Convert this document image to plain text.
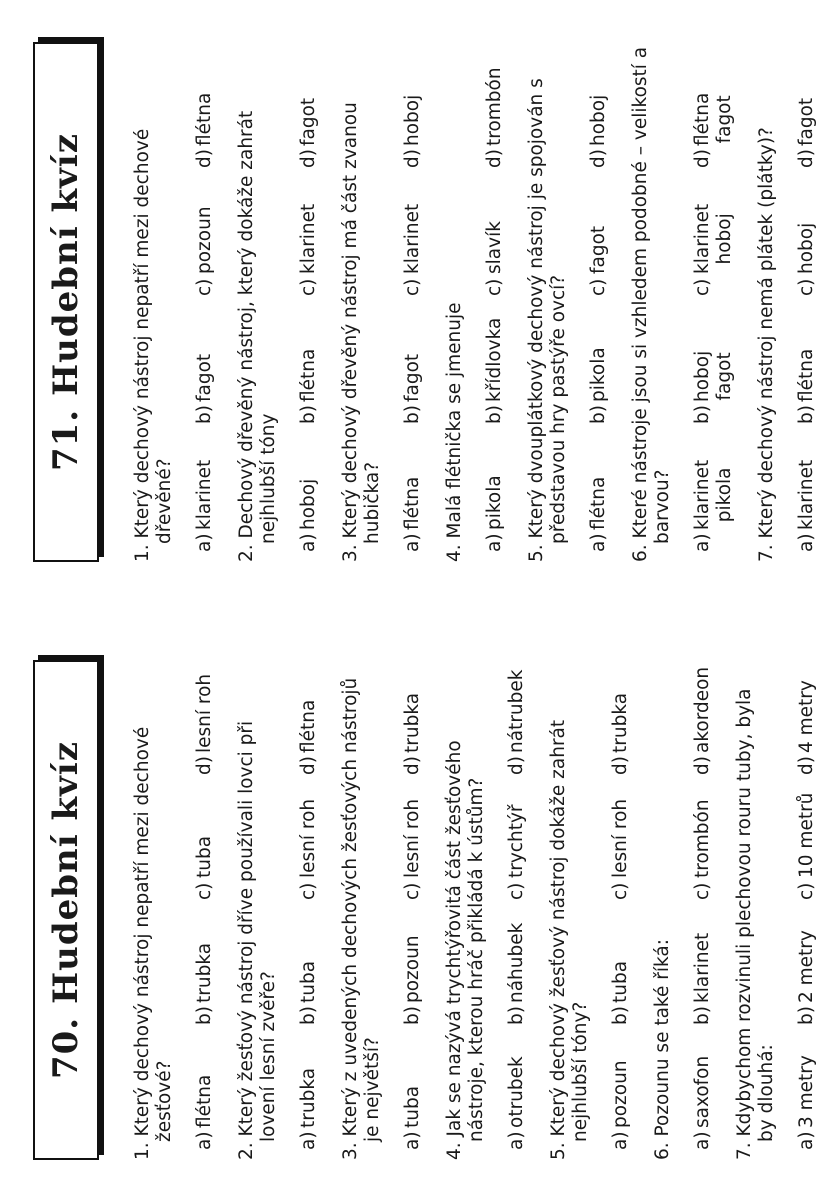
70. Hudební kvíz 1. Který dechový nástroj nepatří mezi dechové žesťové? a)
flétna
b)
trubka
c)
tuba
d)
lesní roh

2. Který žesťový nástroj dříve používali lovci při lovení lesní zvěře? a)
trubka
b)
tuba
c)
lesní roh
d)
flétna 3. Který z uvedených dechových žesťových nástrojů je největší? a)
tuba
b)
pozoun
c)
lesní roh
d)
trubka

4. Jak se nazývá trychtýřovitá část žesťového nástroje, kterou hráč přikládá k ústům? a)
otrubek
b)
náhubek
c)
trychtýř
d)
nátrubek

5. Který dechový žesťový nástroj dokáže zahrát nejhlubší tóny? a)
pozoun
b)
tuba
c)
lesní roh
d)
trubka

6. Pozounu se také říká: a)
saxofon
b)
klarinet
c)
trombón
d)
akordeon 7. Kdybychom rozvinuli plechovou rouru tuby, byla by dlouhá: a)
3 metry
b)
2 metry
c)
10 metrů
d)
4 metry
71. Hudební kvíz 1. Který dechový nástroj nepatří mezi dechové dřevěné? a)
klarinet
b)
fagot
c)
pozoun
d)
flétna 2. Dechový dřevěný nástroj, který dokáže zahrát nejhlubší tóny a)
hoboj
b)
flétna
c)
klarinet
d)
fagot 3. Který dechový dřevěný nástroj má část zvanou hubička? a)
flétna
b)
fagot
c)
klarinet
d)
hoboj

4. Malá flétnička se jmenuje a)
pikola
b)
křídlovka
c)
slavík
d)
trombón 5. Který dvouplátkový dechový nástroj je spojován s představou hry pastýře ovcí? a)
flétna
b)
pikola
c)
fagot
d)
hoboj 6. Které nástroje jsou si vzhledem podobné – velikostí a barvou? a)
klarinet pikola
b)
hoboj fagot
c)
klarinet hoboj
d)
flétna fagot

7. Který dechový nástroj nemá plátek (plátky)? a)
klarinet
b)
flétna
c)
hoboj
d)
fagot
